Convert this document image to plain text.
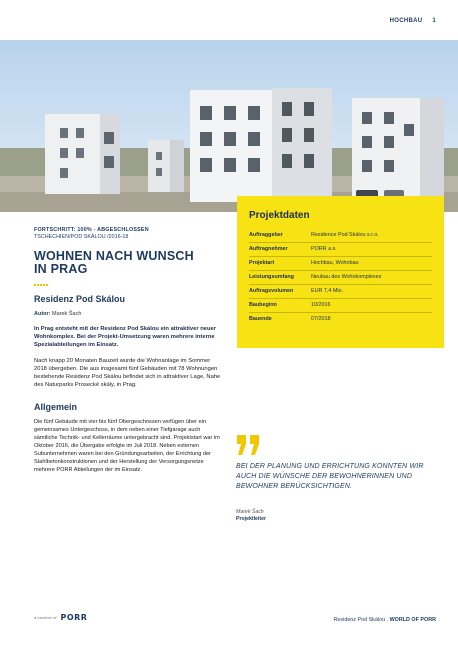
HOCHBAU 1
Projektdaten
Auftraggeber	Residence Pod Skálou s.r.o.
Auftragnehmer	PORR a.s.
Projektart	Hochbau, Wohnbau
Leistungsumfang	Neubau des Wohnkomplexes
Auftragsvolumen	EUR 7,4 Mio.
Baubeginn	10/2016
Bauende	07/2018
FORTSCHRITT: 100% - ABGESCHLOSSEN
TSCHECHIEN/POD SKÁLOU /2016-18
WOHNEN NACH WUNSCH
IN PRAG
Residenz Pod Skálou
Autor: Marek Šach
In Prag entsteht mit der Residenz Pod Skálou ein attraktiver neuer Wohnkomplex. Bei der Projekt-Umsetzung waren mehrere interne Spezialabteilungen im Einsatz.
Nach knapp 20 Monaten Bauzeit wurde die Wohnanlage im Sommer 2018 übergeben. Die aus insgesamt fünf Gebäuden mit 78 Wohnungen bestehende Residenz Pod Skálou befindet sich in attraktiver Lage, Nahe des Naturparks Prosecké skály, in Prag.
Allgemein
Die fünf Gebäude mit vier bis fünf Obergeschossen verfügen über ein gemeinsames Untergeschoss, in dem neben einer Tiefgarage auch sämtliche Technik- und Kellerräume untergebracht sind. Projektstart war im Oktober 2016, die Übergabe erfolgte im Juli 2018. Neben externen Subunternehmen waren bei den Gründungsarbeiten, der Errichtung der Stahlbetonkonstruktionen und der Herstellung der Versorgungsnetze mehrere PORR Abteilungen der im Einsatz.	BEI DER PLANUNG UND ERRICHTUNG KONNTEN WIR AUCH DIE WÜNSCHE DER BEWOHNERINNEN UND BEWOHNER BERÜCKSICHTIGEN.
Marek Šach
Projektleiter
a member of PORR	Residenz Pod Skálou . WORLD OF PORR
